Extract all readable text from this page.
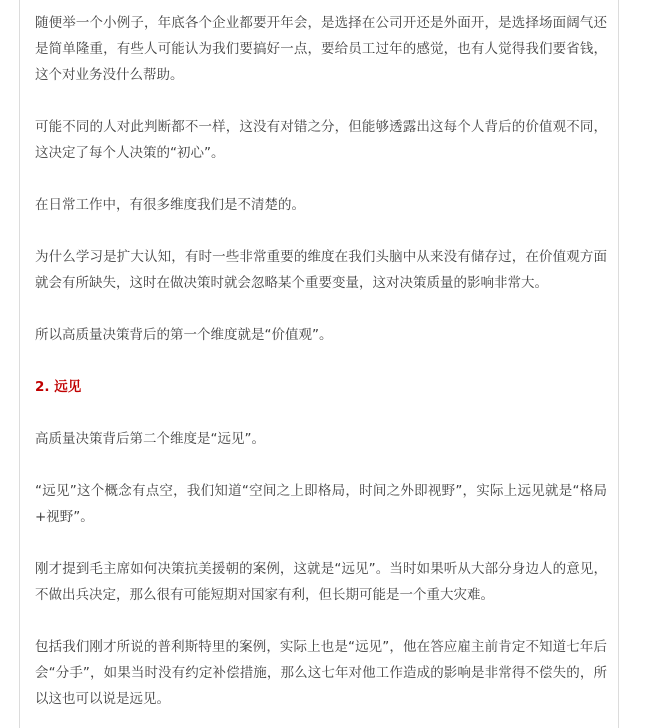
随便举一个小例子，年底各个企业都要开年会，是选择在公司开还是外面开，是选择场面阔气还是简单隆重，有些人可能认为我们要搞好一点，要给员工过年的感觉，也有人觉得我们要省钱，这个对业务没什么帮助。

可能不同的人对此判断都不一样，这没有对错之分，但能够透露出这每个人背后的价值观不同，这决定了每个人决策的“初心”。

在日常工作中，有很多维度我们是不清楚的。

为什么学习是扩大认知，有时一些非常重要的维度在我们头脑中从来没有储存过，在价值观方面就会有所缺失，这时在做决策时就会忽略某个重要变量，这对决策质量的影响非常大。

所以高质量决策背后的第一个维度就是“价值观”。

2. 远见

高质量决策背后第二个维度是“远见”。

“远见”这个概念有点空，我们知道“空间之上即格局，时间之外即视野”，实际上远见就是“格局+视野”。

刚才提到毛主席如何决策抗美援朝的案例，这就是“远见”。当时如果听从大部分身边人的意见，不做出兵决定，那么很有可能短期对国家有利，但长期可能是一个重大灾难。

包括我们刚才所说的普利斯特里的案例，实际上也是“远见”，他在答应雇主前肯定不知道七年后会“分手”，如果当时没有约定补偿措施，那么这七年对他工作造成的影响是非常得不偿失的，所以这也可以说是远见。
